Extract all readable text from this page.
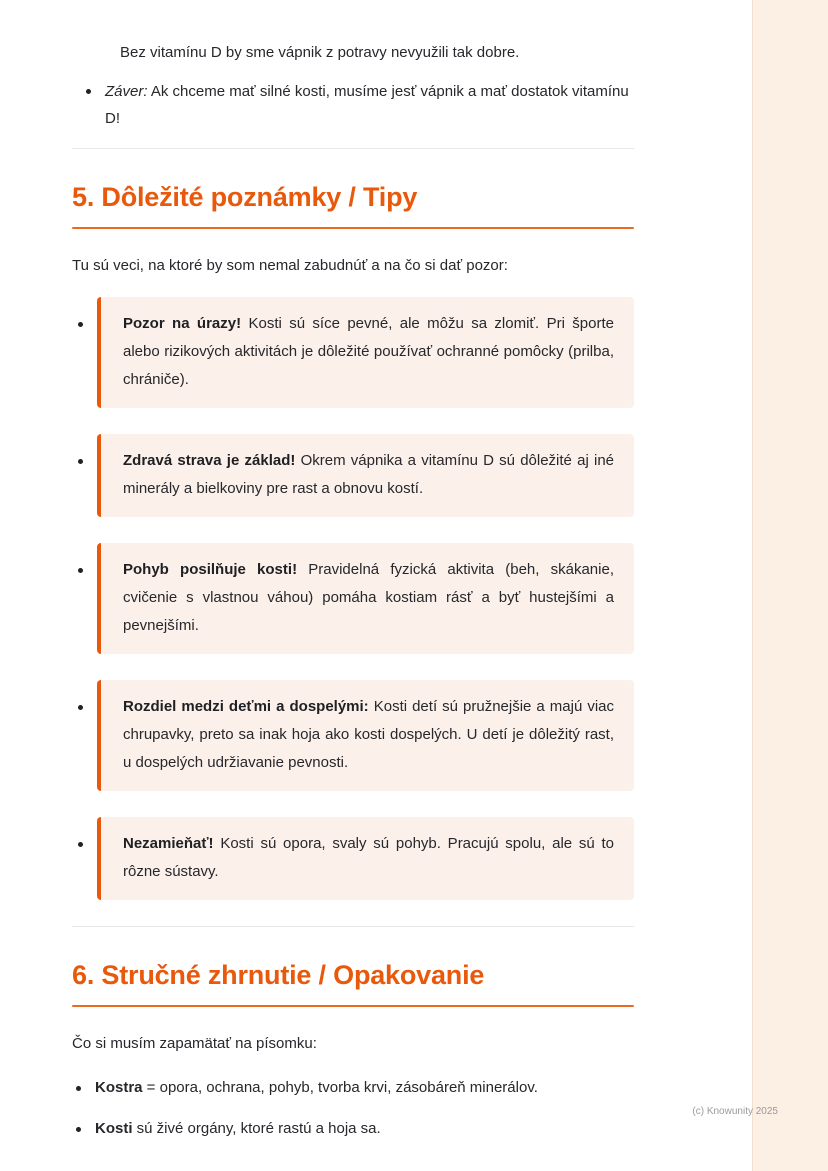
Bez vitamínu D by sme vápnik z potravy nevyužili tak dobre.

Záver: Ak chceme mať silné kosti, musíme jesť vápnik a mať dostatok vitamínu D!

5. Dôležité poznámky / Tipy

Tu sú veci, na ktoré by som nemal zabudnúť a na čo si dať pozor:

Pozor na úrazy! Kosti sú síce pevné, ale môžu sa zlomiť. Pri športe alebo rizikových aktivitách je dôležité používať ochranné pomôcky (prilba, chrániče).

Zdravá strava je základ! Okrem vápnika a vitamínu D sú dôležité aj iné minerály a bielkoviny pre rast a obnovu kostí.

Pohyb posilňuje kosti! Pravidelná fyzická aktivita (beh, skákanie, cvičenie s vlastnou váhou) pomáha kostiam rásť a byť hustejšími a pevnejšími.

Rozdiel medzi deťmi a dospelými: Kosti detí sú pružnejšie a majú viac chrupavky, preto sa inak hoja ako kosti dospelých. U detí je dôležitý rast, u dospelých udržiavanie pevnosti.

Nezamieňať! Kosti sú opora, svaly sú pohyb. Pracujú spolu, ale sú to rôzne sústavy.

6. Stručné zhrnutie / Opakovanie

Čo si musím zapamätať na písomku:

Kostra = opora, ochrana, pohyb, tvorba krvi, zásobáreň minerálov.

Kosti sú živé orgány, ktoré rastú a hoja sa.

(c) Knowunity 2025
